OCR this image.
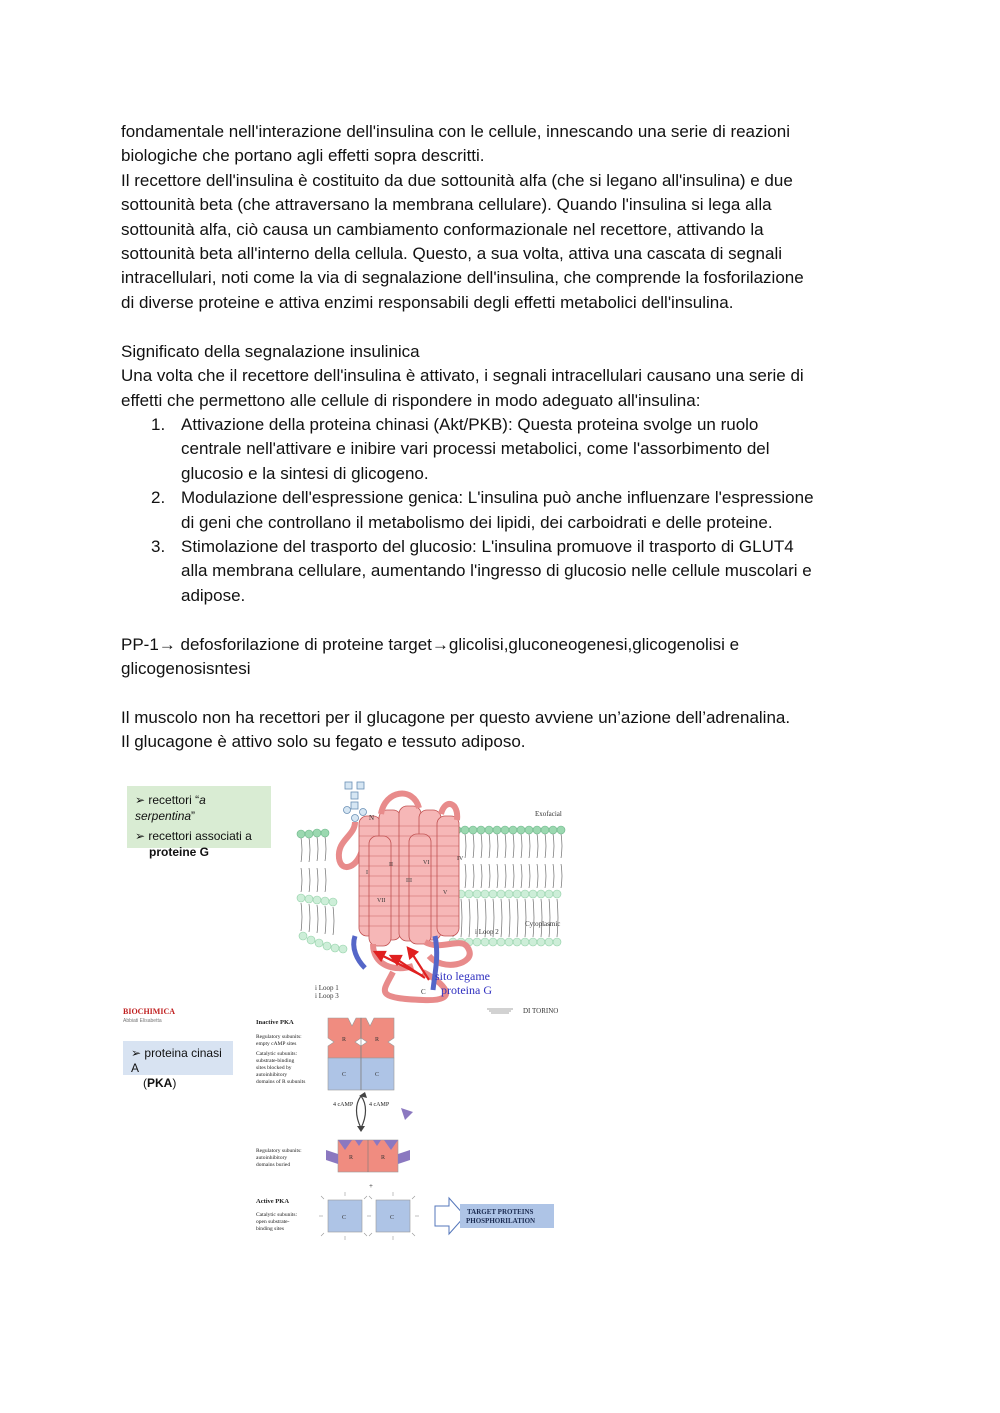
fondamentale nell'interazione dell'insulina con le cellule, innescando una serie di reazioni
biologiche che portano agli effetti sopra descritti.
Il recettore dell'insulina è costituito da due sottounità alfa (che si legano all'insulina) e due
sottounità beta (che attraversano la membrana cellulare). Quando l'insulina si lega alla
sottounità alfa, ciò causa un cambiamento conformazionale nel recettore, attivando la
sottounità beta all'interno della cellula. Questo, a sua volta, attiva una cascata di segnali
intracellulari, noti come la via di segnalazione dell'insulina, che comprende la fosforilazione
di diverse proteine e attiva enzimi responsabili degli effetti metabolici dell'insulina.

Significato della segnalazione insulinica
Una volta che il recettore dell'insulina è attivato, i segnali intracellulari causano una serie di
effetti che permettono alle cellule di rispondere in modo adeguato all'insulina:

1. Attivazione della proteina chinasi (Akt/PKB): Questa proteina svolge un ruolo
centrale nell'attivare e inibire vari processi metabolici, come l'assorbimento del
glucosio e la sintesi di glicogeno.
2. Modulazione dell'espressione genica: L'insulina può anche influenzare l'espressione
di geni che controllano il metabolismo dei lipidi, dei carboidrati e delle proteine.
3. Stimolazione del trasporto del glucosio: L'insulina promuove il trasporto di GLUT4
alla membrana cellulare, aumentando l'ingresso di glucosio nelle cellule muscolari e
adipose.

PP-1→ defosforilazione di proteine target→glicolisi,gluconeogenesi,glicogenolisi e
glicogenosisntesi

Il muscolo non ha recettori per il glucagone per questo avviene un’azione dell’adrenalina.
Il glucagone è attivo solo su fegato e tessuto adiposo.

➢ recettori “a serpentina”
➢ recettori associati a
proteine G
I
II
III
IV
V
VI
VII
N
C
Exofacial
Cytoplasmic
i Loop 2
i Loop 1
i Loop 3
sito legame
proteina G
BIOCHIMICA
Abbiati Elisabetta
DI TORINO
➢ proteina cinasi A
(PKA)
Inactive PKA
Regulatory subunits:
empty cAMP sites
Catalytic subunits:
substrate-binding
sites blocked by
autoinhibitory
domains of R subunits
R	R
C	C
4 cAMP	4 cAMP
Regulatory subunits:
autoinhibitory
domains buried
R	R
+
Active PKA
Catalytic subunits:
open substrate-
binding sites
C	C
TARGET PROTEINS
PHOSPHORILATION
